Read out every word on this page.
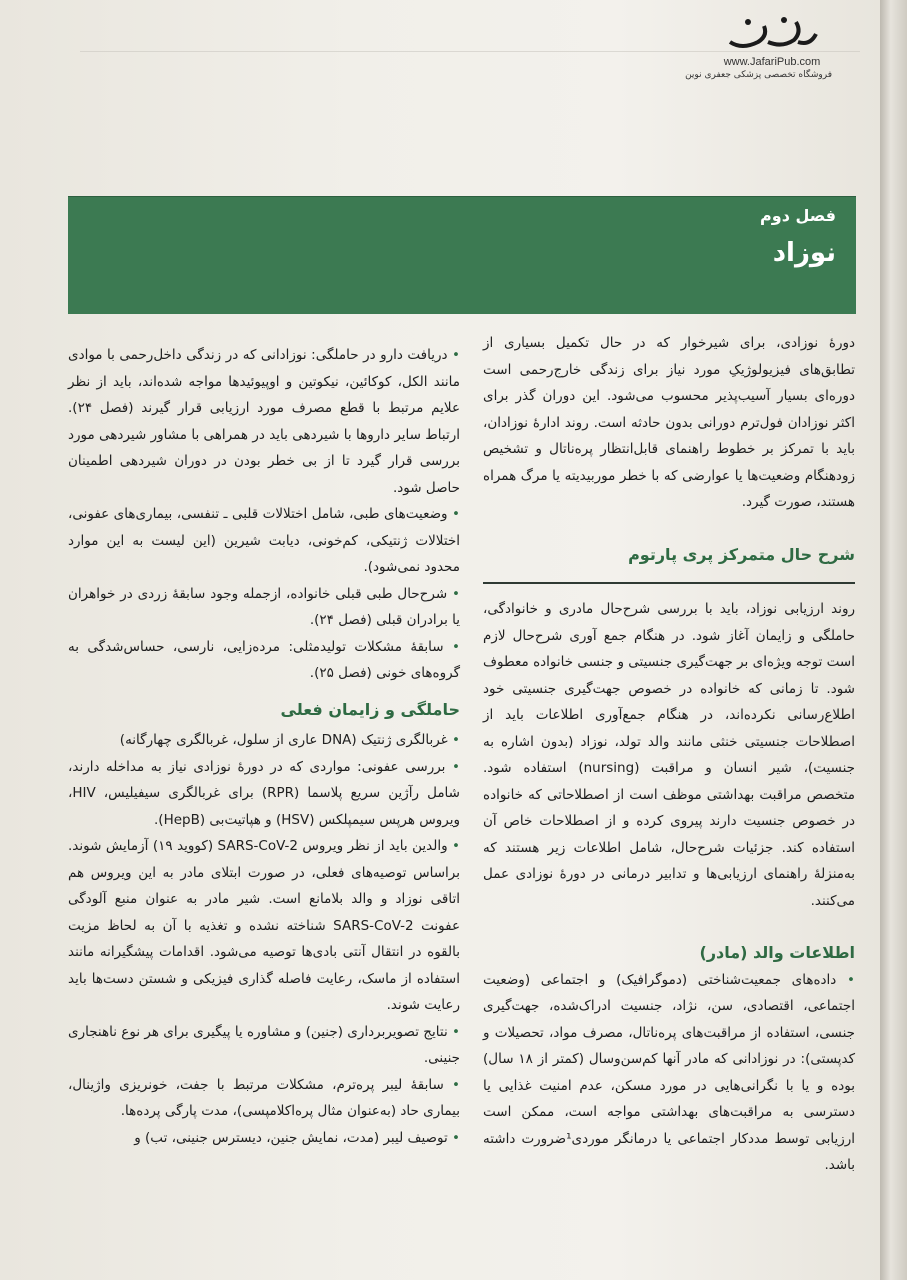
www.JafariPub.com
فروشگاه تخصصی پزشکی جعفری نوین
فصل دوم
نوزاد

دورهٔ نوزادی، برای شیرخوار که در حال تکمیل بسیاری از تطابق‌های فیزیولوژیکِ مورد نیاز برای زندگی خارج‌رحمی است دوره‌ای بسیار آسیب‌پذیر محسوب می‌شود. این دوران گذر برای اکثر نوزادان فول‌ترم دورانی بدون حادثه است. روند ادارهٔ نوزادان، باید با تمرکز بر خطوط راهنمای قابل‌انتظار پره‌ناتال و تشخیص زودهنگام وضعیت‌ها یا عوارضی که با خطر موربیدیته یا مرگ همراه هستند، صورت گیرد.

شرح حال متمرکز پری پارتوم

روند ارزیابی نوزاد، باید با بررسی شرح‌حال مادری و خانوادگی، حاملگی و زایمان آغاز شود. در هنگام جمع آوری شرح‌حال لازم است توجه ویژه‌ای بر جهت‌گیری جنسیتی و جنسی خانواده معطوف شود. تا زمانی که خانواده در خصوص جهت‌گیری جنسیتی خود اطلاع‌رسانی نکرده‌اند، در هنگام جمع‌آوری اطلاعات باید از اصطلاحات جنسیتی خنثی مانند والد تولد، نوزاد (بدون اشاره به جنسیت)، شیر انسان و مراقبت (nursing) استفاده شود. متخصص مراقبت بهداشتی موظف است از اصطلاحاتی که خانواده در خصوص جنسیت دارند پیروی کرده و از اصطلاحات خاص آن استفاده کند. جزئیات شرح‌حال، شامل اطلاعات زیر هستند که به‌منزلهٔ راهنمای ارزیابی‌ها و تدابیر درمانی در دورهٔ نوزادی عمل می‌کنند.

اطلاعات والد (مادر)

• داده‌های جمعیت‌شناختی (دموگرافیک) و اجتماعی (وضعیت اجتماعی، اقتصادی، سن، نژاد، جنسیت ادراک‌شده، جهت‌گیری جنسی، استفاده از مراقبت‌های پره‌ناتال، مصرف مواد، تحصیلات و کدپستی): در نوزادانی که مادر آنها کم‌سن‌وسال (کمتر از ۱۸ سال) بوده و یا با نگرانی‌هایی در مورد مسکن، عدم امنیت غذایی یا دسترسی به مراقبت‌های بهداشتی مواجه است، ممکن است ارزیابی توسط مددکار اجتماعی یا درمانگر موردی¹ضرورت داشته باشد.

• دریافت دارو در حاملگی: نوزادانی که در زندگی داخل‌رحمی با موادی مانند الکل، کوکائین، نیکوتین و اوپیوئیدها مواجه شده‌اند، باید از نظر علایم مرتبط با قطع مصرف مورد ارزیابی قرار گیرند (فصل ۲۴). ارتباط سایر داروها با شیردهی باید در همراهی با مشاور شیردهی مورد بررسی قرار گیرد تا از بی خطر بودن در دوران شیردهی اطمینان حاصل شود.

• وضعیت‌های طبی، شامل اختلالات قلبی ـ تنفسی، بیماری‌های عفونی، اختلالات ژنتیکی، کم‌خونی، دیابت شیرین (این لیست به این موارد محدود نمی‌شود).

• شرح‌حال طبی قبلی خانواده، ازجمله وجود سابقهٔ زردی در خواهران یا برادران قبلی (فصل ۲۴).

• سابقهٔ مشکلات تولیدمثلی: مرده‌زایی، نارسی، حساس‌شدگی به گروه‌های خونی (فصل ۲۵).

حاملگی و زایمان فعلی

• غربالگری ژنتیک (DNA عاری از سلول، غربالگری چهارگانه)

• بررسی عفونی: مواردی که در دورهٔ نوزادی نیاز به مداخله دارند، شامل رآژین سریع پلاسما (RPR) برای غربالگری سیفیلیس، HIV، ویروس هرپس سیمپلکس (HSV) و هپاتیت‌بی (HepB).

• والدین باید از نظر ویروس SARS-CoV-2 (کووید ۱۹) آزمایش شوند. براساس توصیه‌های فعلی، در صورت ابتلای مادر به این ویروس هم اتاقی نوزاد و والد بلامانع است. شیر مادر به عنوان منبع آلودگی عفونت SARS-CoV-2 شناخته نشده و تغذیه با آن به لحاظ مزیت بالقوه در انتقال آنتی بادی‌ها توصیه می‌شود. اقدامات پیشگیرانه مانند استفاده از ماسک، رعایت فاصله گذاری فیزیکی و شستن دست‌ها باید رعایت شوند.

• نتایج تصویربرداری (جنین) و مشاوره یا پیگیری برای هر نوع ناهنجاری جنینی.

• سابقهٔ لیبر پره‌ترم، مشکلات مرتبط با جفت، خونریزی واژینال، بیماری حاد (به‌عنوان مثال پره‌اکلامپسی)، مدت پارگی پرده‌ها.

• توصیف لیبر (مدت، نمایش جنین، دیسترس جنینی، تب) و
